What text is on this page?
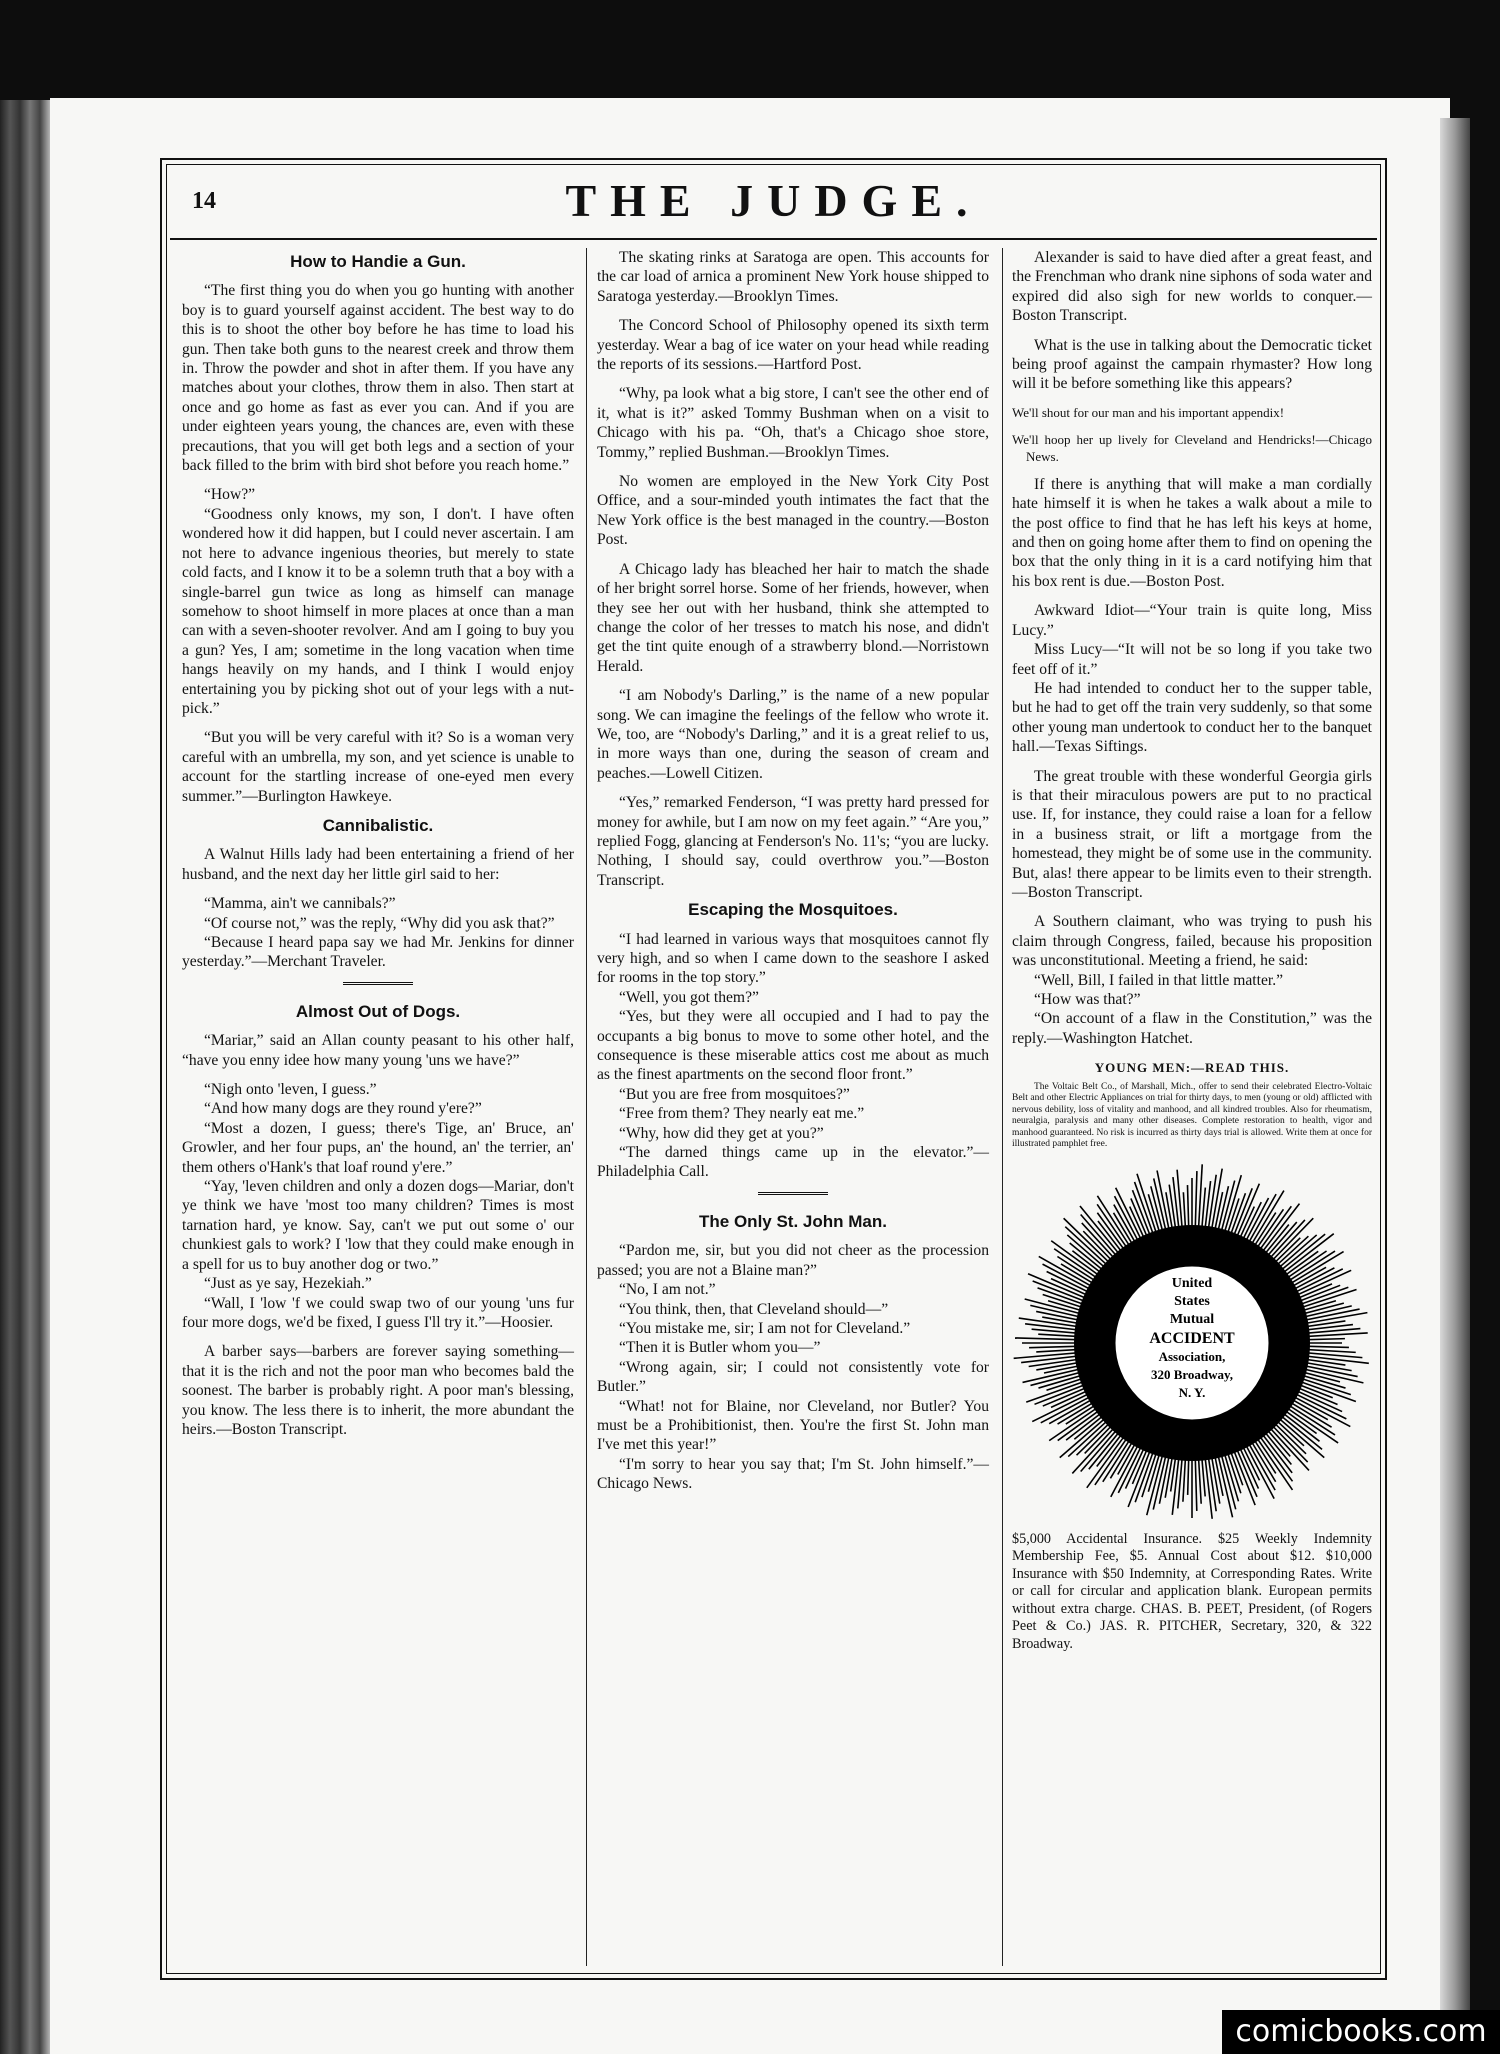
14	THE JUDGE.
How to Handie a Gun.

“The first thing you do when you go hunting with another boy is to guard yourself against accident. The best way to do this is to shoot the other boy before he has time to load his gun. Then take both guns to the nearest creek and throw them in. Throw the powder and shot in after them. If you have any matches about your clothes, throw them in also. Then start at once and go home as fast as ever you can. And if you are under eighteen years young, the chances are, even with these precautions, that you will get both legs and a section of your back filled to the brim with bird shot before you reach home.”

“How?”

“Goodness only knows, my son, I don't. I have often wondered how it did happen, but I could never ascertain. I am not here to advance ingenious theories, but merely to state cold facts, and I know it to be a solemn truth that a boy with a single-barrel gun twice as long as himself can manage somehow to shoot himself in more places at once than a man can with a seven-shooter revolver. And am I going to buy you a gun? Yes, I am; sometime in the long vacation when time hangs heavily on my hands, and I think I would enjoy entertaining you by picking shot out of your legs with a nut-pick.”

“But you will be very careful with it? So is a woman very careful with an umbrella, my son, and yet science is unable to account for the startling increase of one-eyed men every summer.”—Burlington Hawkeye.

Cannibalistic.

A Walnut Hills lady had been entertaining a friend of her husband, and the next day her little girl said to her:

“Mamma, ain't we cannibals?”

“Of course not,” was the reply, “Why did you ask that?”

“Because I heard papa say we had Mr. Jenkins for dinner yesterday.”—Merchant Traveler.

Almost Out of Dogs.

“Mariar,” said an Allan county peasant to his other half, “have you enny idee how many young 'uns we have?”

“Nigh onto 'leven, I guess.”

“And how many dogs are they round y'ere?”

“Most a dozen, I guess; there's Tige, an' Bruce, an' Growler, and her four pups, an' the hound, an' the terrier, an' them others o'Hank's that loaf round y'ere.”

“Yay, 'leven children and only a dozen dogs—Mariar, don't ye think we have 'most too many children? Times is most tarnation hard, ye know. Say, can't we put out some o' our chunkiest gals to work? I 'low that they could make enough in a spell for us to buy another dog or two.”

“Just as ye say, Hezekiah.”

“Wall, I 'low 'f we could swap two of our young 'uns fur four more dogs, we'd be fixed, I guess I'll try it.”—Hoosier.

A barber says—barbers are forever saying something—that it is the rich and not the poor man who becomes bald the soonest. The barber is probably right. A poor man's blessing, you know. The less there is to inherit, the more abundant the heirs.—Boston Transcript.

The skating rinks at Saratoga are open. This accounts for the car load of arnica a prominent New York house shipped to Saratoga yesterday.—Brooklyn Times.

The Concord School of Philosophy opened its sixth term yesterday. Wear a bag of ice water on your head while reading the reports of its sessions.—Hartford Post.

“Why, pa look what a big store, I can't see the other end of it, what is it?” asked Tommy Bushman when on a visit to Chicago with his pa. “Oh, that's a Chicago shoe store, Tommy,” replied Bushman.—Brooklyn Times.

No women are employed in the New York City Post Office, and a sour-minded youth intimates the fact that the New York office is the best managed in the country.—Boston Post.

A Chicago lady has bleached her hair to match the shade of her bright sorrel horse. Some of her friends, however, when they see her out with her husband, think she attempted to change the color of her tresses to match his nose, and didn't get the tint quite enough of a strawberry blond.—Norristown Herald.

“I am Nobody's Darling,” is the name of a new popular song. We can imagine the feelings of the fellow who wrote it. We, too, are “Nobody's Darling,” and it is a great relief to us, in more ways than one, during the season of cream and peaches.—Lowell Citizen.

“Yes,” remarked Fenderson, “I was pretty hard pressed for money for awhile, but I am now on my feet again.” “Are you,” replied Fogg, glancing at Fenderson's No. 11's; “you are lucky. Nothing, I should say, could overthrow you.”—Boston Transcript.

Escaping the Mosquitoes.

“I had learned in various ways that mosquitoes cannot fly very high, and so when I came down to the seashore I asked for rooms in the top story.”

“Well, you got them?”

“Yes, but they were all occupied and I had to pay the occupants a big bonus to move to some other hotel, and the consequence is these miserable attics cost me about as much as the finest apartments on the second floor front.”

“But you are free from mosquitoes?”

“Free from them? They nearly eat me.”

“Why, how did they get at you?”

“The darned things came up in the elevator.”—Philadelphia Call.

The Only St. John Man.

“Pardon me, sir, but you did not cheer as the procession passed; you are not a Blaine man?”

“No, I am not.”

“You think, then, that Cleveland should—”

“You mistake me, sir; I am not for Cleveland.”

“Then it is Butler whom you—”

“Wrong again, sir; I could not consistently vote for Butler.”

“What! not for Blaine, nor Cleveland, nor Butler? You must be a Prohibitionist, then. You're the first St. John man I've met this year!”

“I'm sorry to hear you say that; I'm St. John himself.”—Chicago News.

Alexander is said to have died after a great feast, and the Frenchman who drank nine siphons of soda water and expired did also sigh for new worlds to conquer.—Boston Transcript.

What is the use in talking about the Democratic ticket being proof against the campain rhymaster? How long will it be before something like this appears?

We'll shout for our man and his important appendix!
We'll hoop her up lively for Cleveland and Hendricks!—Chicago News.

If there is anything that will make a man cordially hate himself it is when he takes a walk about a mile to the post office to find that he has left his keys at home, and then on going home after them to find on opening the box that the only thing in it is a card notifying him that his box rent is due.—Boston Post.

Awkward Idiot—“Your train is quite long, Miss Lucy.”

Miss Lucy—“It will not be so long if you take two feet off of it.”

He had intended to conduct her to the supper table, but he had to get off the train very suddenly, so that some other young man undertook to conduct her to the banquet hall.—Texas Siftings.

The great trouble with these wonderful Georgia girls is that their miraculous powers are put to no practical use. If, for instance, they could raise a loan for a fellow in a business strait, or lift a mortgage from the homestead, they might be of some use in the community. But, alas! there appear to be limits even to their strength.—Boston Transcript.

A Southern claimant, who was trying to push his claim through Congress, failed, because his proposition was unconstitutional. Meeting a friend, he said:

“Well, Bill, I failed in that little matter.”

“How was that?”

“On account of a flaw in the Constitution,” was the reply.—Washington Hatchet.

YOUNG MEN:—READ THIS.

The Voltaic Belt Co., of Marshall, Mich., offer to send their celebrated Electro-Voltaic Belt and other Electric Appliances on trial for thirty days, to men (young or old) afflicted with nervous debility, loss of vitality and manhood, and all kindred troubles. Also for rheumatism, neuralgia, paralysis and many other diseases. Complete restoration to health, vigor and manhood guaranteed. No risk is incurred as thirty days trial is allowed. Write them at once for illustrated pamphlet free.

United
States
Mutual
ACCIDENT
Association,
320 Broadway,
N. Y.

$5,000 Accidental Insurance. $25 Weekly Indemnity Membership Fee, $5. Annual Cost about $12. $10,000 Insurance with $50 Indemnity, at Corresponding Rates. Write or call for circular and application blank. European permits without extra charge. CHAS. B. PEET, President, (of Rogers Peet & Co.) JAS. R. PITCHER, Secretary, 320, & 322 Broadway.

comicbooks.com
